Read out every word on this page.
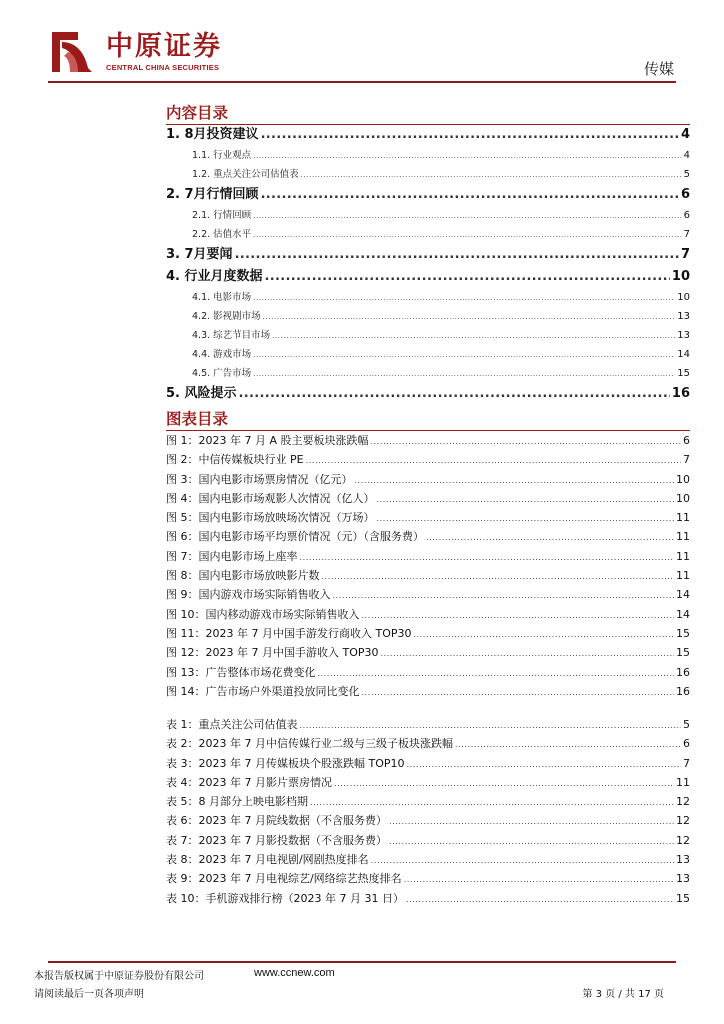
中原证券
CENTRAL CHINA SECURITIES	传媒
内容目录
1. 8月投资建议 .....	4
1.1. 行业观点 .....	4
1.2. 重点关注公司估值表 .....	5
2. 7月行情回顾 .....	6
2.1. 行情回顾 .....	6
2.2. 估值水平 .....	7
3. 7月要闻 .....	7
4. 行业月度数据 .....	10
4.1. 电影市场 .....	10
4.2. 影视剧市场 .....	13
4.3. 综艺节目市场 .....	13
4.4. 游戏市场 .....	14
4.5. 广告市场 .....	15
5. 风险提示 .....	16
图表目录
图 1：2023 年 7 月 A 股主要板块涨跌幅 .....	6
图 2：中信传媒板块行业 PE .....	7
图 3：国内电影市场票房情况（亿元） .....	10
图 4：国内电影市场观影人次情况（亿人） .....	10
图 5：国内电影市场放映场次情况（万场） .....	11
图 6：国内电影市场平均票价情况（元）（含服务费） .....	11
图 7：国内电影市场上座率 .....	11
图 8：国内电影市场放映影片数 .....	11
图 9：国内游戏市场实际销售收入 .....	14
图 10：国内移动游戏市场实际销售收入 .....	14
图 11：2023 年 7 月中国手游发行商收入 TOP30 .....	15
图 12：2023 年 7 月中国手游收入 TOP30 .....	15
图 13：广告整体市场花费变化 .....	16
图 14：广告市场户外渠道投放同比变化 .....	16
表 1：重点关注公司估值表 .....	5
表 2：2023 年 7 月中信传媒行业二级与三级子板块涨跌幅 .....	6
表 3：2023 年 7 月传媒板块个股涨跌幅 TOP10 .....	7
表 4：2023 年 7 月影片票房情况 .....	11
表 5：8 月部分上映电影档期 .....	12
表 6：2023 年 7 月院线数据（不含服务费） .....	12
表 7：2023 年 7 月影投数据（不含服务费） .....	12
表 8：2023 年 7 月电视剧/网剧热度排名 .....	13
表 9：2023 年 7 月电视综艺/网络综艺热度排名 .....	13
表 10：手机游戏排行榜（2023 年 7 月 31 日） .....	15
本报告版权属于中原证券股份有限公司	www.ccnew.com
请阅读最后一页各项声明	第 3 页 / 共 17 页
